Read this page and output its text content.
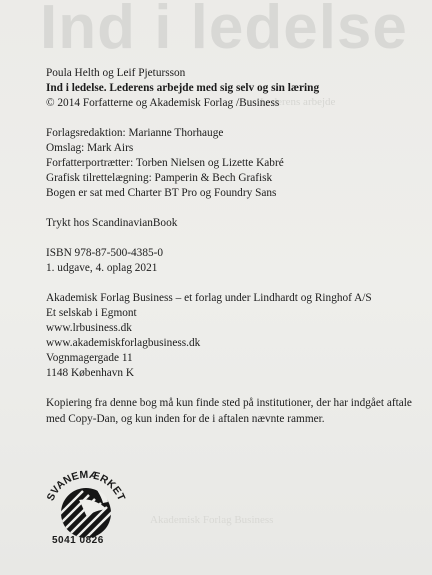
Ind i ledelse
Lederens arbejde
Akademisk Forlag Business

Poula Helth og Leif Pjetursson

Ind i ledelse. Lederens arbejde med sig selv og sin læring

© 2014 Forfatterne og Akademisk Forlag /Business

Forlagsredaktion: Marianne Thorhauge

Omslag: Mark Airs

Forfatterportrætter: Torben Nielsen og Lizette Kabré

Grafisk tilrettelægning: Pamperin & Bech Grafisk

Bogen er sat med Charter BT Pro og Foundry Sans

Trykt hos ScandinavianBook

ISBN 978-87-500-4385-0

1. udgave, 4. oplag 2021

Akademisk Forlag Business – et forlag under Lindhardt og Ringhof A/S

Et selskab i Egmont

www.lrbusiness.dk

www.akademiskforlagbusiness.dk

Vognmagergade 11

1148 København K

Kopiering fra denne bog må kun finde sted på institutioner, der har indgået aftale med Copy-Dan, og kun inden for de i aftalen nævnte rammer.

SVANEMÆRKET
5041 0826
